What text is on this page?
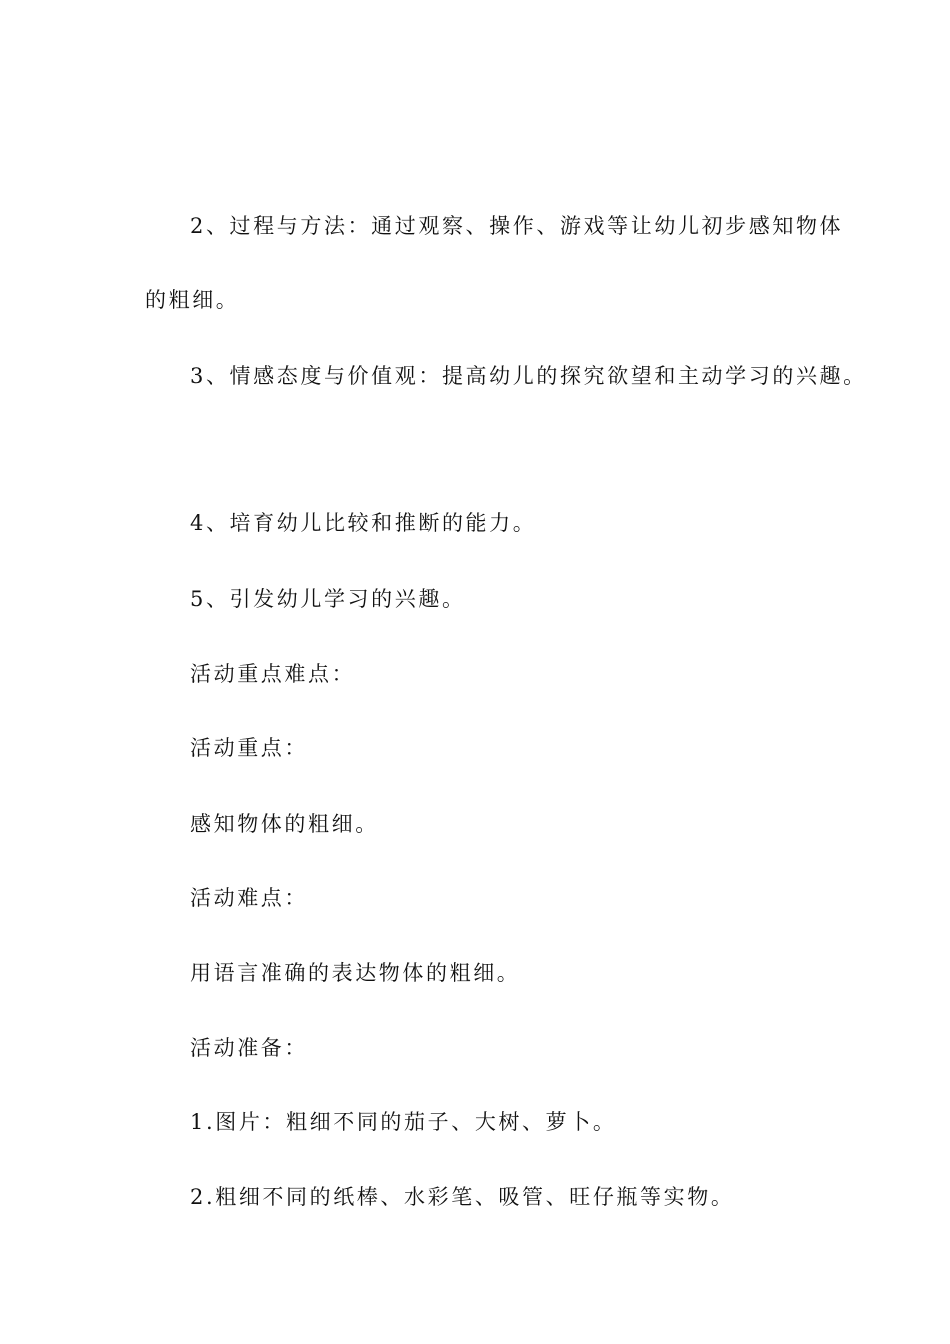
2、过程与方法：通过观察、操作、游戏等让幼儿初步感知物体
的粗细。
3、情感态度与价值观：提高幼儿的探究欲望和主动学习的兴趣。
4、培育幼儿比较和推断的能力。
5、引发幼儿学习的兴趣。
活动重点难点：
活动重点：
感知物体的粗细。
活动难点：
用语言准确的表达物体的粗细。
活动准备：
1.图片：粗细不同的茄子、大树、萝卜。
2.粗细不同的纸棒、水彩笔、吸管、旺仔瓶等实物。
